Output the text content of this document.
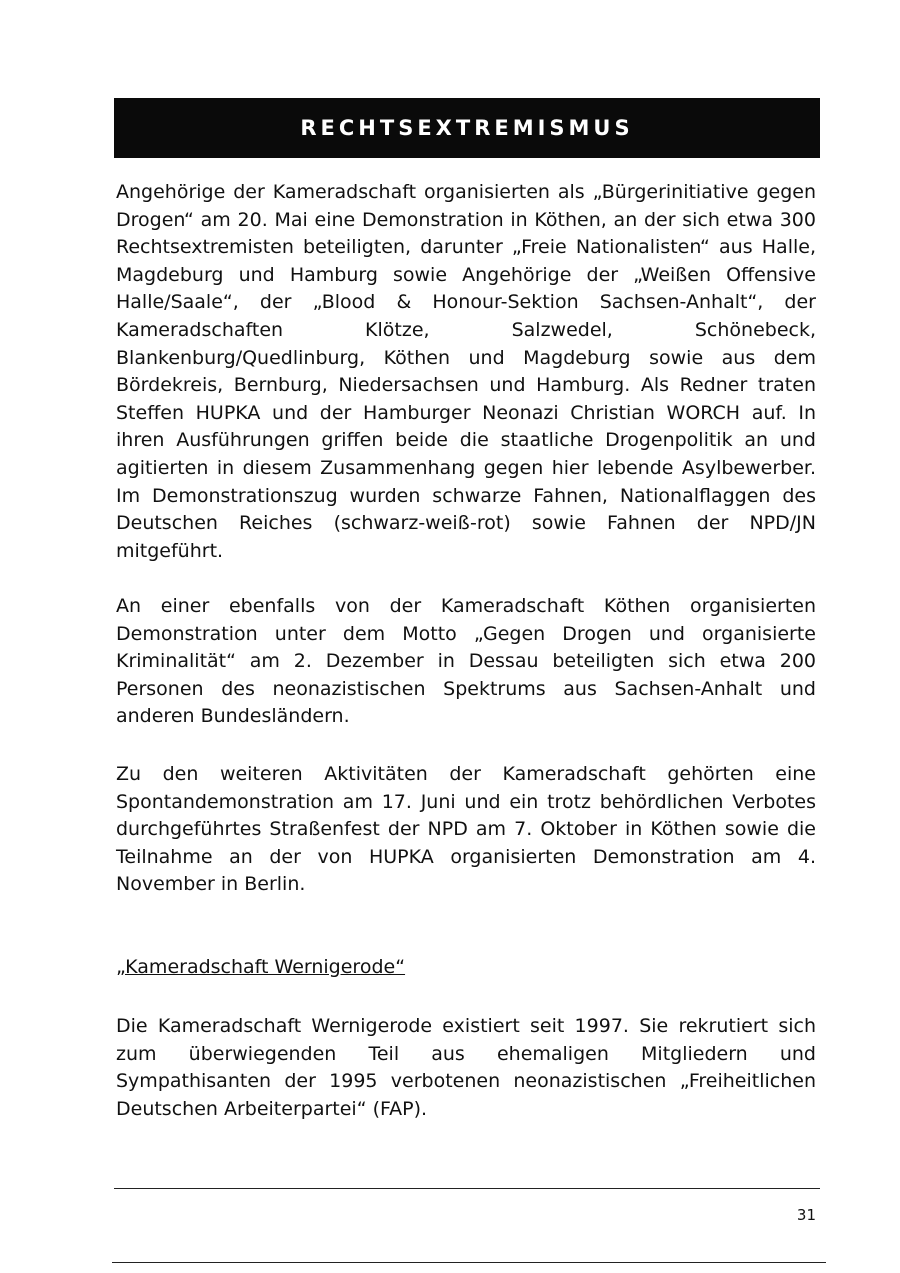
RECHTSEXTREMISMUS

Angehörige der Kameradschaft organisierten als „Bürgerinitiative gegen Drogen“ am 20. Mai eine Demonstration in Köthen, an der sich etwa 300 Rechtsextremisten beteiligten, darunter „Freie Nationalisten“ aus Halle, Magdeburg und Hamburg sowie Angehörige der „Weißen Offensive Halle/Saale“, der „Blood & Honour-Sektion Sachsen-Anhalt“, der Kameradschaften Klötze, Salzwedel, Schönebeck, Blankenburg/Quedlinburg, Köthen und Magdeburg sowie aus dem Bördekreis, Bernburg, Niedersachsen und Hamburg. Als Redner traten Steffen HUPKA und der Hamburger Neonazi Christian WORCH auf. In ihren Ausführungen griffen beide die staatliche Drogenpolitik an und agitierten in diesem Zusammenhang gegen hier lebende Asylbewerber. Im Demonstrationszug wurden schwarze Fahnen, Nationalflaggen des Deutschen Reiches (schwarz-weiß-rot) sowie Fahnen der NPD/JN mitgeführt.

An einer ebenfalls von der Kameradschaft Köthen organisierten Demonstration unter dem Motto „Gegen Drogen und organisierte Kriminalität“ am 2. Dezember in Dessau beteiligten sich etwa 200 Personen des neonazistischen Spektrums aus Sachsen-Anhalt und anderen Bundesländern.

Zu den weiteren Aktivitäten der Kameradschaft gehörten eine Spontandemonstration am 17. Juni und ein trotz behördlichen Verbotes durchgeführtes Straßenfest der NPD am 7. Oktober in Köthen sowie die Teilnahme an der von HUPKA organisierten Demonstration am 4. November in Berlin.

„Kameradschaft Wernigerode“

Die Kameradschaft Wernigerode existiert seit 1997. Sie rekrutiert sich zum überwiegenden Teil aus ehemaligen Mitgliedern und Sympathisanten der 1995 verbotenen neonazistischen „Freiheitlichen Deutschen Arbeiterpartei“ (FAP).

31
